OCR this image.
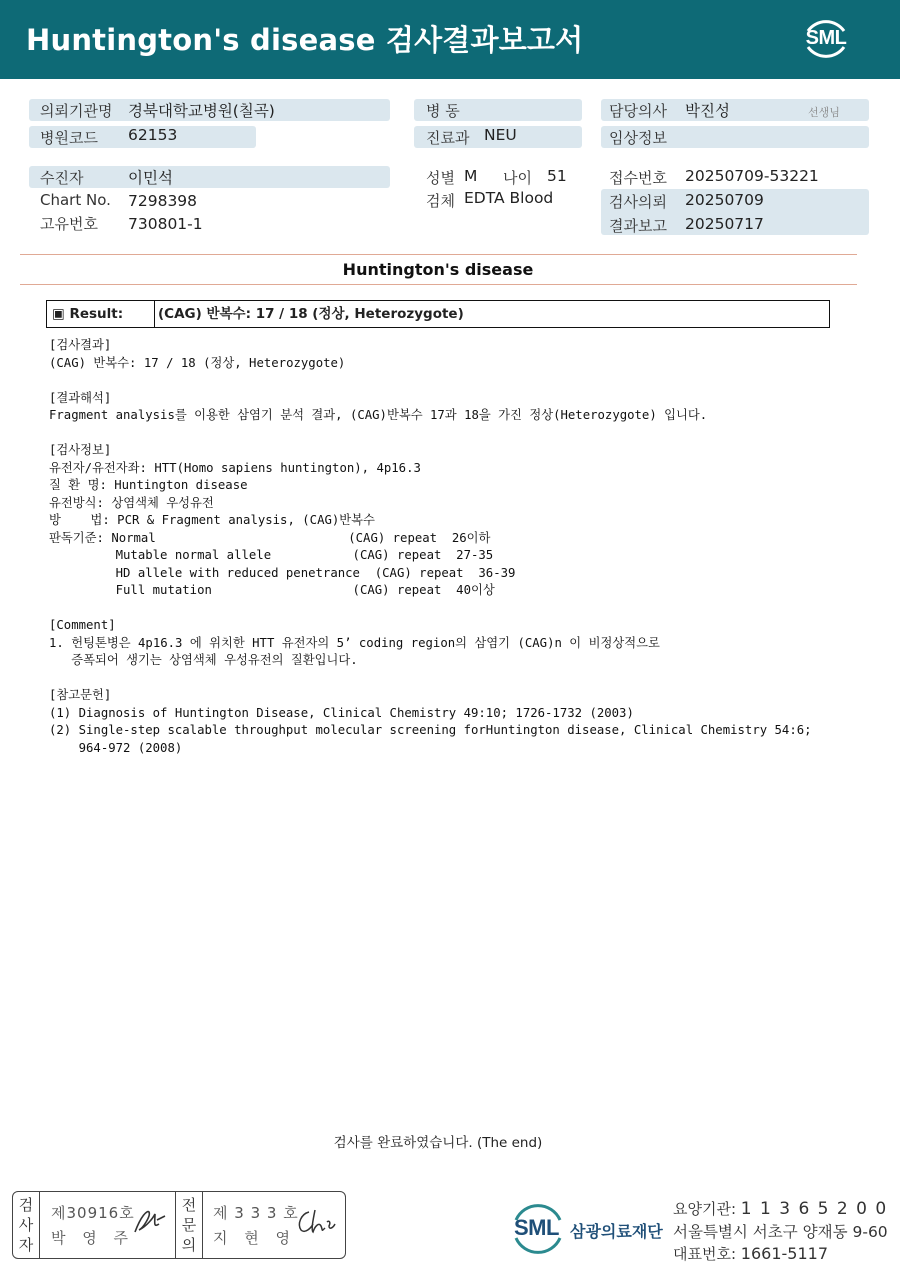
Huntington's disease 검사결과보고서	SML
의뢰기관명 경북대학교병원(칠곡)
병원코드 62153
수진자	이민석
Chart No. 7298398
고유번호 730801-1
병 동
진료과 NEU
성별 M 나이 51
검체 EDTA Blood
담당의사 박진성	선생님
임상정보
접수번호 20250709-53221
검사의뢰 20250709
결과보고 20250717
Huntington's disease
▣ Result:	(CAG) 반복수: 17 / 18 (정상, Heterozygote)
[검사결과]
(CAG) 반복수: 17 / 18 (정상, Heterozygote)

[결과해석]
Fragment analysis를 이용한 삼염기 분석 결과, (CAG)반복수 17과 18을 가진 정상(Heterozygote) 입니다.

[검사정보]
유전자/유전자좌: HTT(Homo sapiens huntington), 4p16.3
질 환 명: Huntington disease
유전방식: 상염색체 우성유전
방    법: PCR & Fragment analysis, (CAG)반복수
판독기준: Normal                          (CAG) repeat  26이하
Mutable normal allele           (CAG) repeat  27-35
HD allele with reduced penetrance  (CAG) repeat  36-39
Full mutation                   (CAG) repeat  40이상

[Comment]
1. 헌팅톤병은 4p16.3 에 위치한 HTT 유전자의 5’ coding region의 삼염기 (CAG)n 이 비정상적으로
증폭되어 생기는 상염색체 우성유전의 질환입니다.

[참고문헌]
(1) Diagnosis of Huntington Disease, Clinical Chemistry 49:10; 1726-1732 (2003)
(2) Single-step scalable throughput molecular screening forHuntington disease, Clinical Chemistry 54:6;
964-972 (2008)
검사를 완료하였습니다. (The end)
검
사
자
제30916호
박 영 주
전
문
의
제 3 3 3 호
지 현 영	SML 삼광의료재단
요양기관: 1 1 3 6 5 2 0 0
서울특별시 서초구 양재동 9-60
대표번호: 1661-5117
